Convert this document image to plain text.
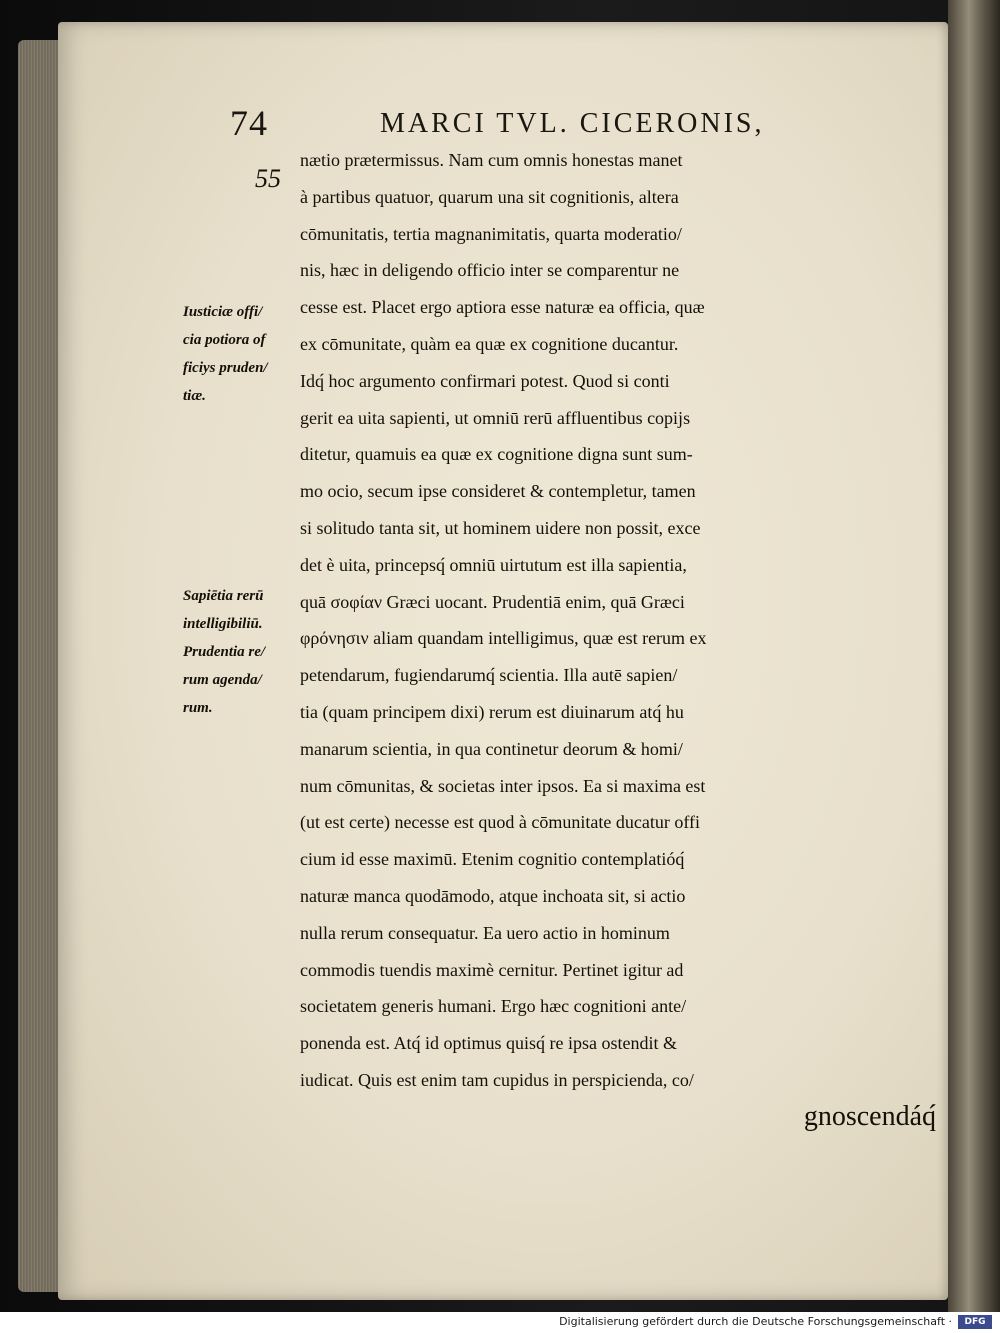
74	MARCI TVL. CICERONIS,
55
Iusticiæ offi/
cia potiora of
ficiys pruden/
tiæ.
Sapiētia rerū
intelligibiliū.
Prudentia re/
rum agenda/
rum.
nætio prætermissus. Nam cum omnis honestas manet
à partibus quatuor, quarum una sit cognitionis, altera
cōmunitatis, tertia magnanimitatis, quarta moderatio/
nis, hæc in deligendo officio inter se comparentur ne
cesse est. Placet ergo aptiora esse naturæ ea officia, quæ
ex cōmunitate, quàm ea quæ ex cognitione ducantur.
Idq́ hoc argumento confirmari potest. Quod si conti
gerit ea uita sapienti, ut omniū rerū affluentibus copijs
ditetur, quamuis ea quæ ex cognitione digna sunt sum-
mo ocio, secum ipse consideret & contempletur, tamen
si solitudo tanta sit, ut hominem uidere non possit, exce
det è uita, princepsq́ omniū uirtutum est illa sapientia,
quā σοφίαν Græci uocant. Prudentiā enim, quā Græci
φρόνησιν aliam quandam intelligimus, quæ est rerum ex
petendarum, fugiendarumq́ scientia. Illa autē sapien/
tia (quam principem dixi) rerum est diuinarum atq́ hu
manarum scientia, in qua continetur deorum & homi/
num cōmunitas, & societas inter ipsos. Ea si maxima est
(ut est certe) necesse est quod à cōmunitate ducatur offi
cium id esse maximū. Etenim cognitio contemplatióq́
naturæ manca quodāmodo, atque inchoata sit, si actio
nulla rerum consequatur. Ea uero actio in hominum
commodis tuendis maximè cernitur. Pertinet igitur ad
societatem generis humani. Ergo hæc cognitioni ante/
ponenda est. Atq́ id optimus quisq́ re ipsa ostendit &
iudicat. Quis est enim tam cupidus in perspicienda, co/
gnoscendáq́
Digitalisierung gefördert durch die Deutsche Forschungsgemeinschaft ·	DFG
